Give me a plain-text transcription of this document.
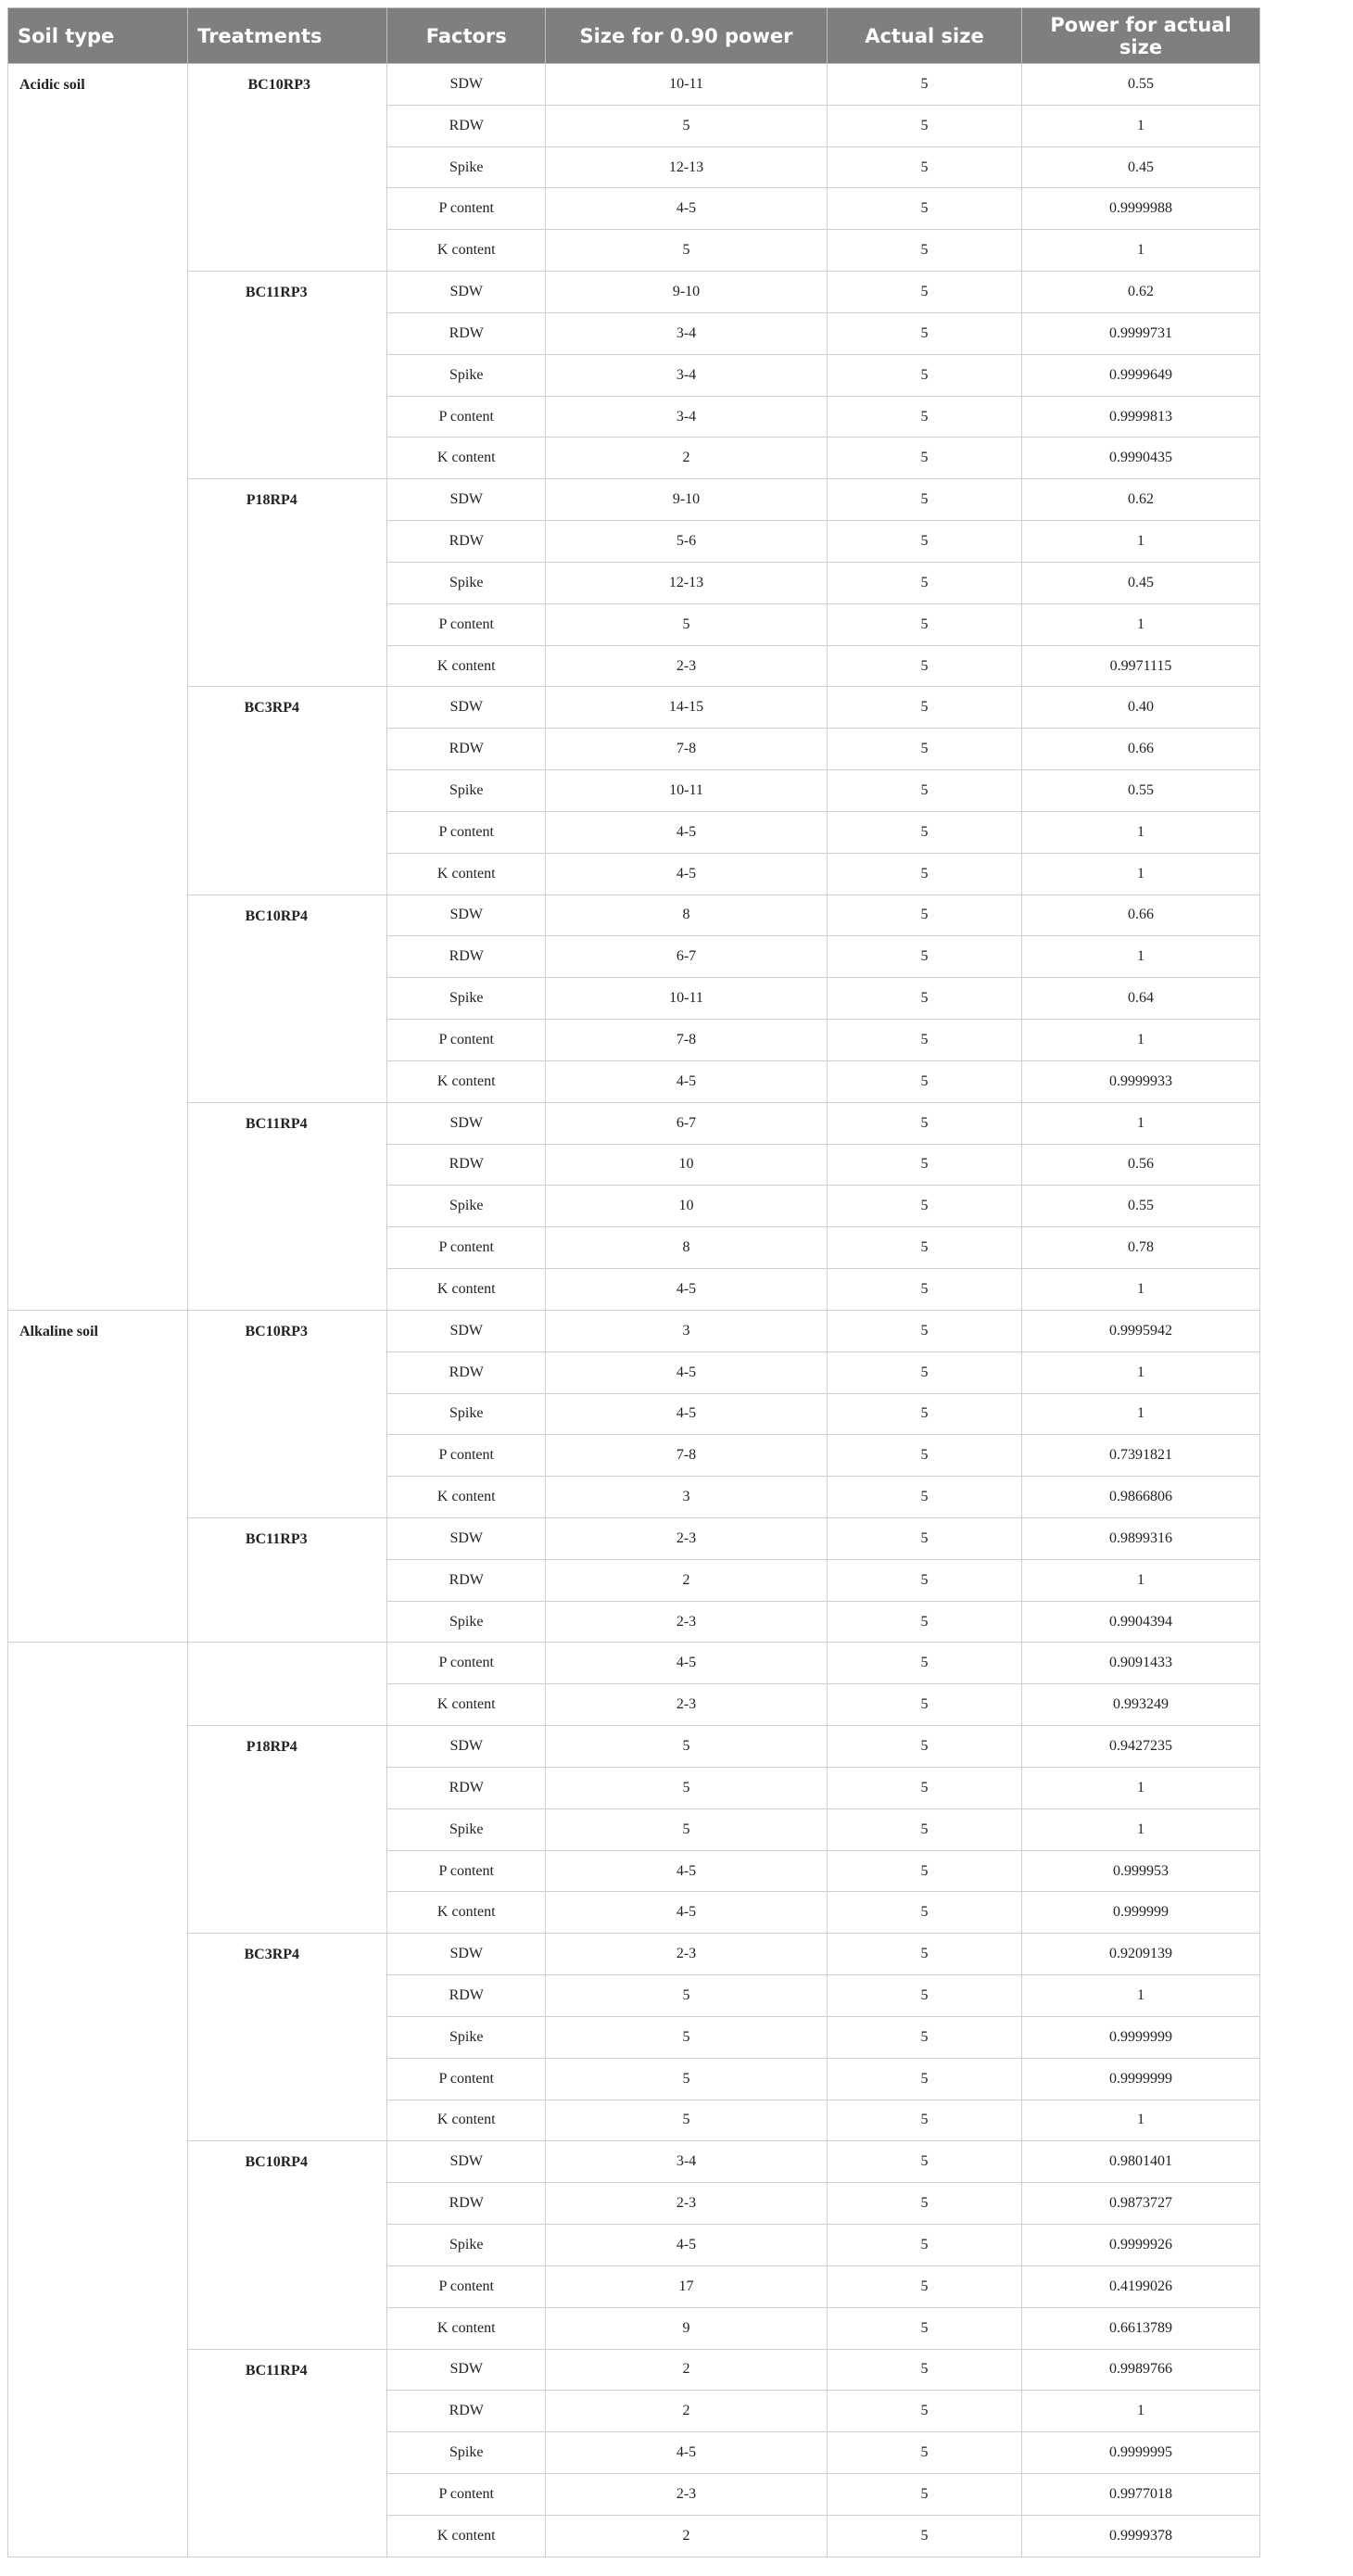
Soil type	Treatments	Factors	Size for 0.90 power	Actual size	Power for actual size
Acidic soil	BC10RP3	SDW	10-11	5	0.55
		RDW	5	5	1
		Spike	12-13	5	0.45
		P content	4-5	5	0.9999988
		K content	5	5	1
	BC11RP3	SDW	9-10	5	0.62
		RDW	3-4	5	0.9999731
		Spike	3-4	5	0.9999649
		P content	3-4	5	0.9999813
		K content	2	5	0.9990435
	P18RP4	SDW	9-10	5	0.62
		RDW	5-6	5	1
		Spike	12-13	5	0.45
		P content	5	5	1
		K content	2-3	5	0.9971115
	BC3RP4	SDW	14-15	5	0.40
		RDW	7-8	5	0.66
		Spike	10-11	5	0.55
		P content	4-5	5	1
		K content	4-5	5	1
	BC10RP4	SDW	8	5	0.66
		RDW	6-7	5	1
		Spike	10-11	5	0.64
		P content	7-8	5	1
		K content	4-5	5	0.9999933
	BC11RP4	SDW	6-7	5	1
		RDW	10	5	0.56
		Spike	10	5	0.55
		P content	8	5	0.78
		K content	4-5	5	1
Alkaline soil	BC10RP3	SDW	3	5	0.9995942
		RDW	4-5	5	1
		Spike	4-5	5	1
		P content	7-8	5	0.7391821
		K content	3	5	0.9866806
	BC11RP3	SDW	2-3	5	0.9899316
		RDW	2	5	1
		Spike	2-3	5	0.9904394
		P content	4-5	5	0.9091433
		K content	2-3	5	0.993249
	P18RP4	SDW	5	5	0.9427235
		RDW	5	5	1
		Spike	5	5	1
		P content	4-5	5	0.999953
		K content	4-5	5	0.999999
	BC3RP4	SDW	2-3	5	0.9209139
		RDW	5	5	1
		Spike	5	5	0.9999999
		P content	5	5	0.9999999
		K content	5	5	1
	BC10RP4	SDW	3-4	5	0.9801401
		RDW	2-3	5	0.9873727
		Spike	4-5	5	0.9999926
		P content	17	5	0.4199026
		K content	9	5	0.6613789
	BC11RP4	SDW	2	5	0.9989766
		RDW	2	5	1
		Spike	4-5	5	0.9999995
		P content	2-3	5	0.9977018
		K content	2	5	0.9999378
